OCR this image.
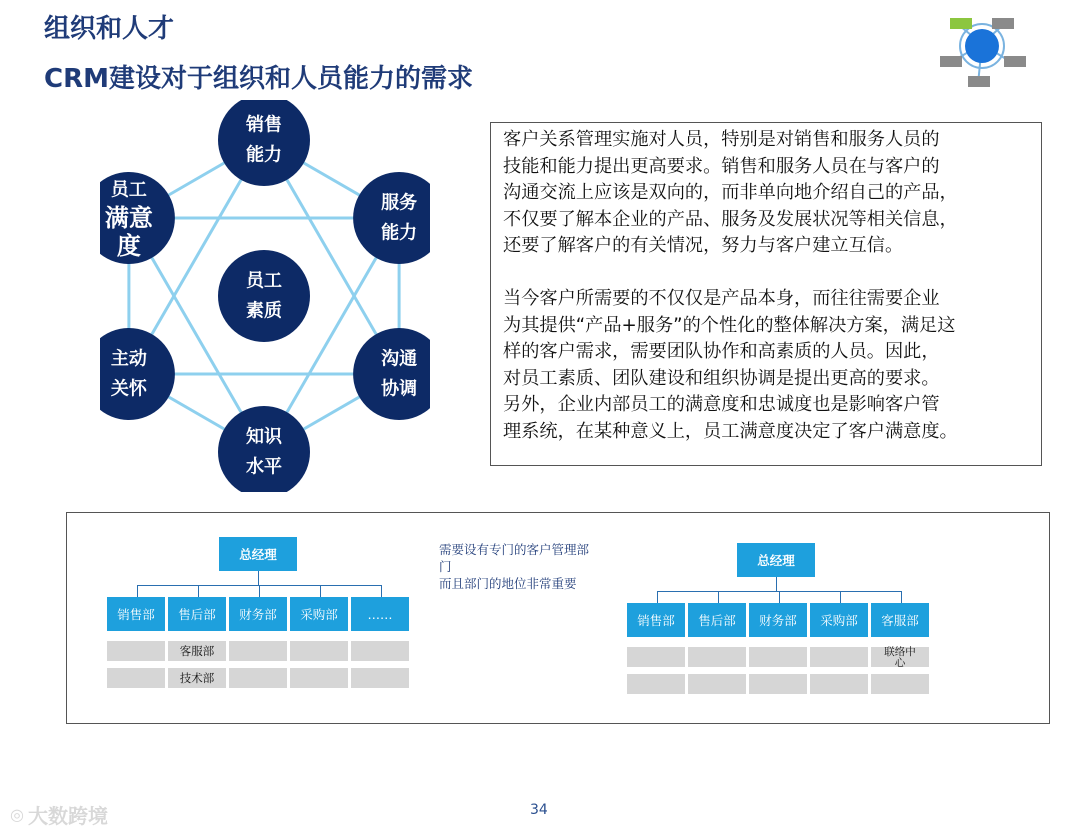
组织和人才
CRM建设对于组织和人员能力的需求
销售
能力
服务
能力
沟通
协调
知识
水平
主动
关怀
员工
满意
度
员工
素质

客户关系管理实施对人员，特别是对销售和服务人员的
技能和能力提出更高要求。销售和服务人员在与客户的
沟通交流上应该是双向的，而非单向地介绍自己的产品，
不仅要了解本企业的产品、服务及发展状况等相关信息，
还要了解客户的有关情况，努力与客户建立互信。

当今客户所需要的不仅仅是产品本身，而往往需要企业
为其提供“产品+服务”的个性化的整体解决方案，满足这
样的客户需求，需要团队协作和高素质的人员。因此，
对员工素质、团队建设和组织协调是提出更高的要求。
另外，企业内部员工的满意度和忠诚度也是影响客户管
理系统，在某种意义上，员工满意度决定了客户满意度。

总经理
销售部	售后部	财务部	采购部	……
客服部
技术部
需要设有专门的客户管理部
门
而且部门的地位非常重要
总经理
销售部	售后部	财务部	采购部	客服部
联络中
心
◎ 大数跨境	34
